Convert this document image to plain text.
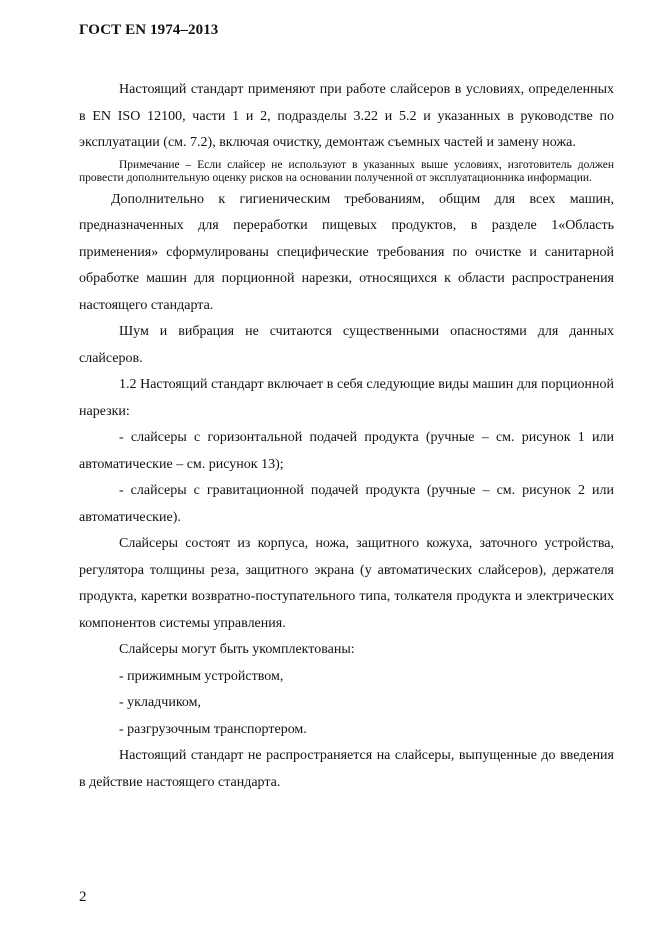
ГОСТ EN 1974–2013

Настоящий стандарт применяют при работе слайсеров в условиях, определенных в EN ISO 12100, части 1 и 2, подразделы 3.22 и 5.2 и указанных в руководстве по эксплуатации (см. 7.2), включая очистку, демонтаж съемных частей и замену ножа.

Примечание – Если слайсер не используют в указанных выше условиях, изготовитель должен провести дополнительную оценку рисков на основании полученной от эксплуатационника информации.

Дополнительно к гигиеническим требованиям, общим для всех машин, предназначенных для переработки пищевых продуктов, в разделе 1«Область применения» сформулированы специфические требования по очистке и санитарной обработке машин для порционной нарезки, относящихся к области распространения настоящего стандарта.

Шум и вибрация не считаются существенными опасностями для данных слайсеров.

1.2 Настоящий стандарт включает в себя следующие виды машин для порционной нарезки:

- слайсеры с горизонтальной подачей продукта (ручные – см. рисунок 1 или автоматические – см. рисунок 13);

- слайсеры с гравитационной подачей продукта (ручные – см. рисунок 2 или автоматические).

Слайсеры состоят из корпуса, ножа, защитного кожуха, заточного устройства, регулятора толщины реза, защитного экрана (у автоматических слайсеров), держателя продукта, каретки возвратно-поступательного типа, толкателя продукта и электрических компонентов системы управления.

Слайсеры могут быть укомплектованы:

- прижимным устройством,

- укладчиком,

- разгрузочным транспортером.

Настоящий стандарт не распространяется на слайсеры, выпущенные до введения в действие настоящего стандарта.

2
